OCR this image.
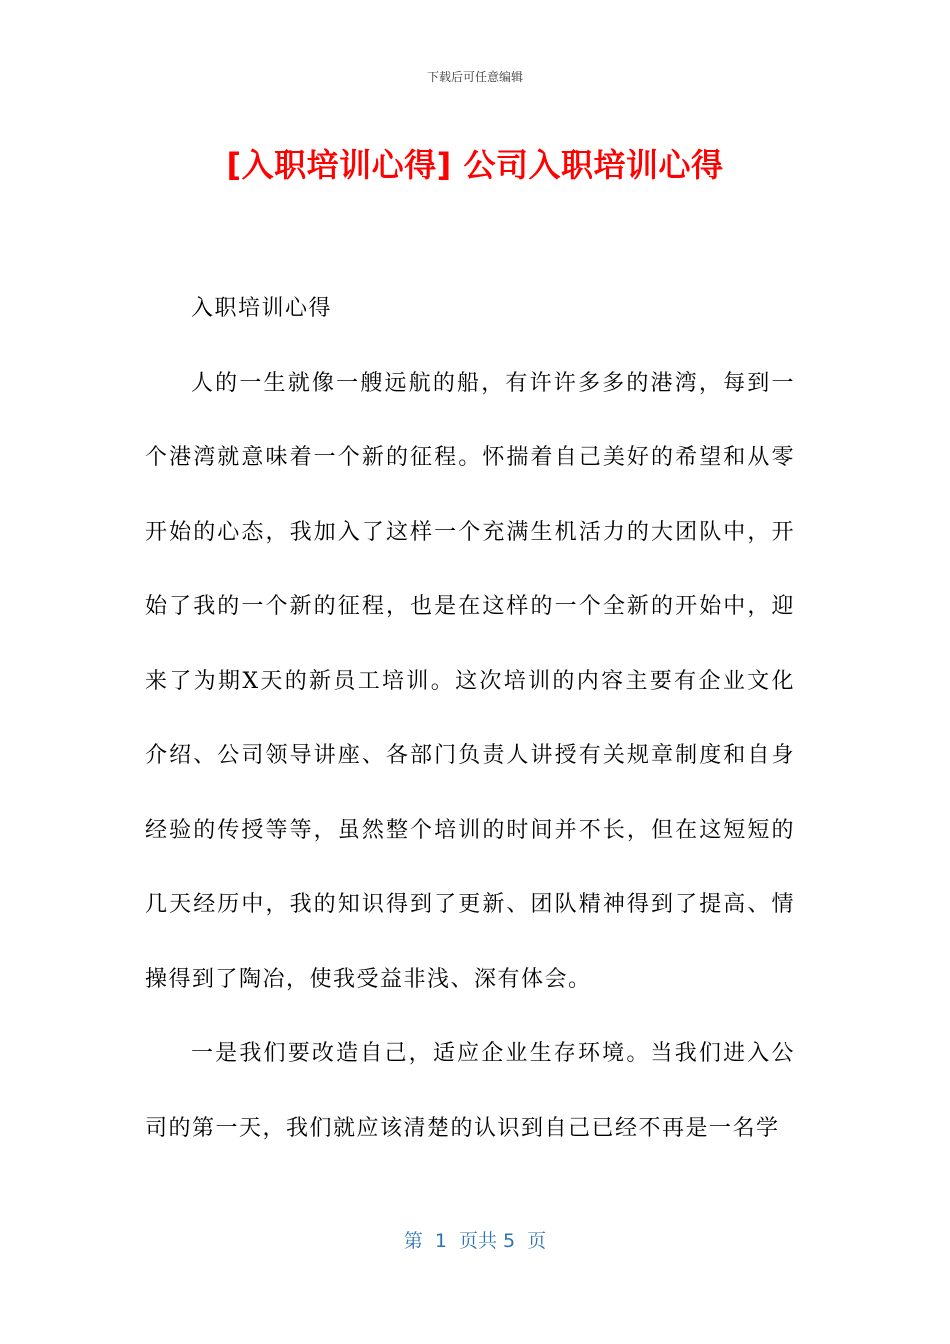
下载后可任意编辑
[入职培训心得] 公司入职培训心得

入职培训心得

人的一生就像一艘远航的船，有许许多多的港湾，每到一个港湾就意味着一个新的征程。怀揣着自己美好的希望和从零开始的心态，我加入了这样一个充满生机活力的大团队中，开始了我的一个新的征程，也是在这样的一个全新的开始中，迎来了为期X天的新员工培训。这次培训的内容主要有企业文化介绍、公司领导讲座、各部门负责人讲授有关规章制度和自身经验的传授等等，虽然整个培训的时间并不长，但在这短短的几天经历中，我的知识得到了更新、团队精神得到了提高、情操得到了陶冶，使我受益非浅、深有体会。

一是我们要改造自己，适应企业生存环境。当我们进入公司的第一天，我们就应该清楚的认识到自己已经不再是一名学

第  1  页共 5  页
